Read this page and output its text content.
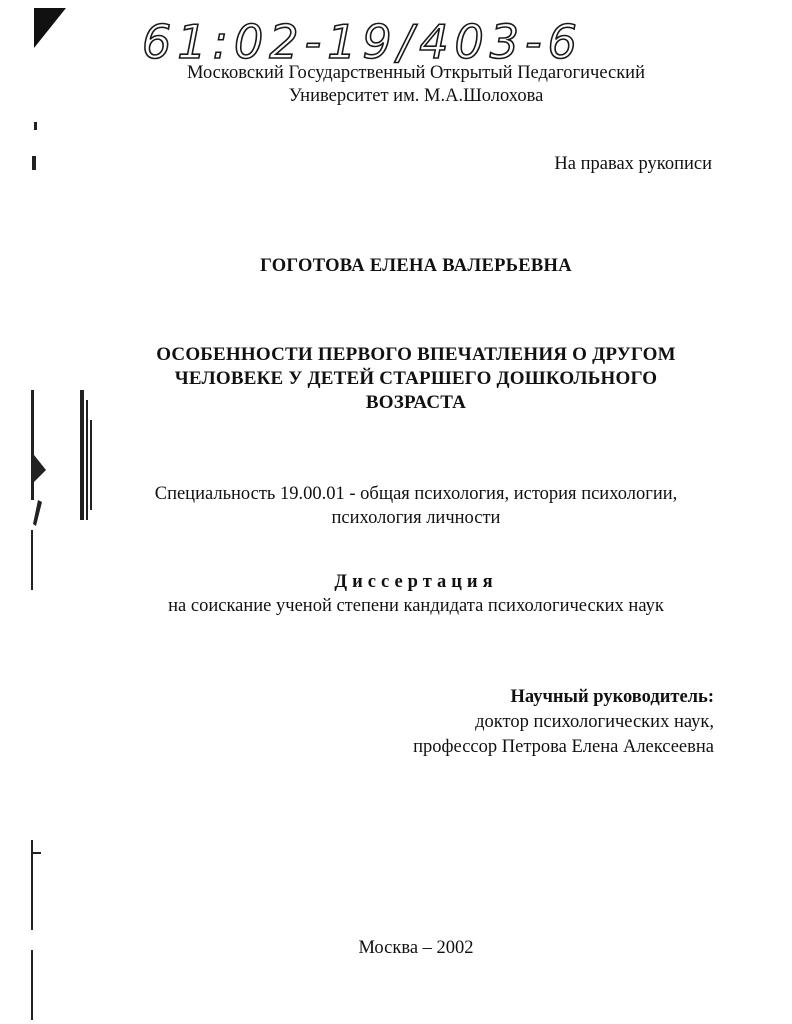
61:02-19/403-6
Московский Государственный Открытый Педагогический
Университет им. М.А.Шолохова
На правах рукописи
ГОГОТОВА ЕЛЕНА ВАЛЕРЬЕВНА
ОСОБЕННОСТИ ПЕРВОГО ВПЕЧАТЛЕНИЯ О ДРУГОМ
ЧЕЛОВЕКЕ У ДЕТЕЙ СТАРШЕГО ДОШКОЛЬНОГО
ВОЗРАСТА
Специальность 19.00.01 - общая психология, история психологии,
психология личности
Диссертация
на соискание ученой степени кандидата психологических наук
Научный руководитель:
доктор психологических наук,
профессор Петрова Елена Алексеевна
Москва – 2002
